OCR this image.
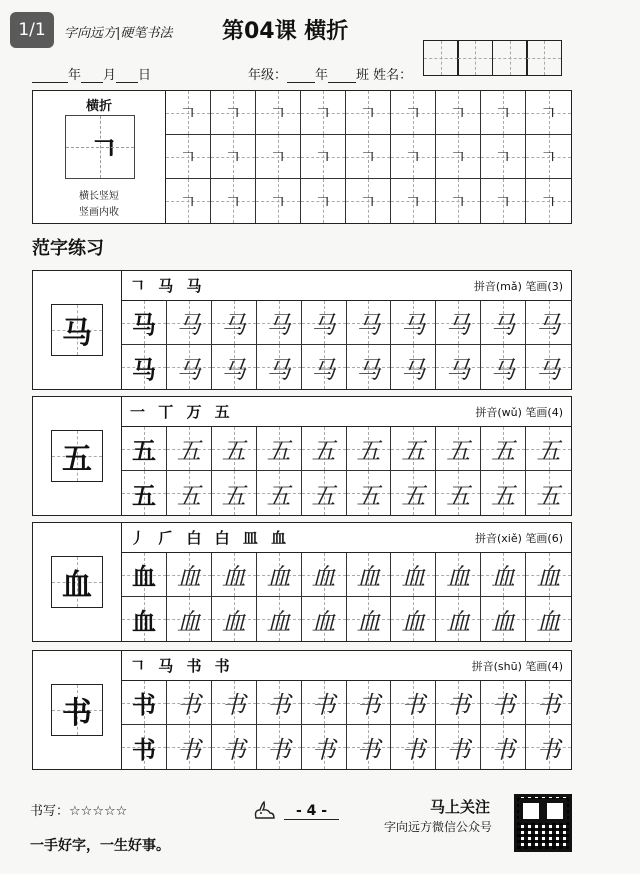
1/1	字向远方|硬笔书法 第04课 横折
年 月 日	年级： 年 班 姓名：
横折
𠃍
横长竖短
竖画内收
𠃍 𠃍 𠃍 𠃍 𠃍 𠃍 𠃍 𠃍 𠃍
𠃍 𠃍 𠃍 𠃍 𠃍 𠃍 𠃍 𠃍 𠃍
𠃍 𠃍 𠃍 𠃍 𠃍 𠃍 𠃍 𠃍 𠃍
范字练习
马
𠃍 马 马	拼音(mǎ) 笔画(3)
马 马 马 马 马 马 马 马 马 马
马 马 马 马 马 马 马 马 马 马
五
一 丅 万 五	拼音(wǔ) 笔画(4)
五 五 五 五 五 五 五 五 五 五
五 五 五 五 五 五 五 五 五 五
血
丿 𠂆 白 白 皿 血	拼音(xiě) 笔画(6)
血 血 血 血 血 血 血 血 血 血
血 血 血 血 血 血 血 血 血 血
书
𠃍 马 书 书	拼音(shū) 笔画(4)
书 书 书 书 书 书 书 书 书 书
书 书 书 书 书 书 书 书 书 书
书写：☆☆☆☆☆	- 4 -
一手好字，一生好事。
马上关注
字向远方微信公众号
